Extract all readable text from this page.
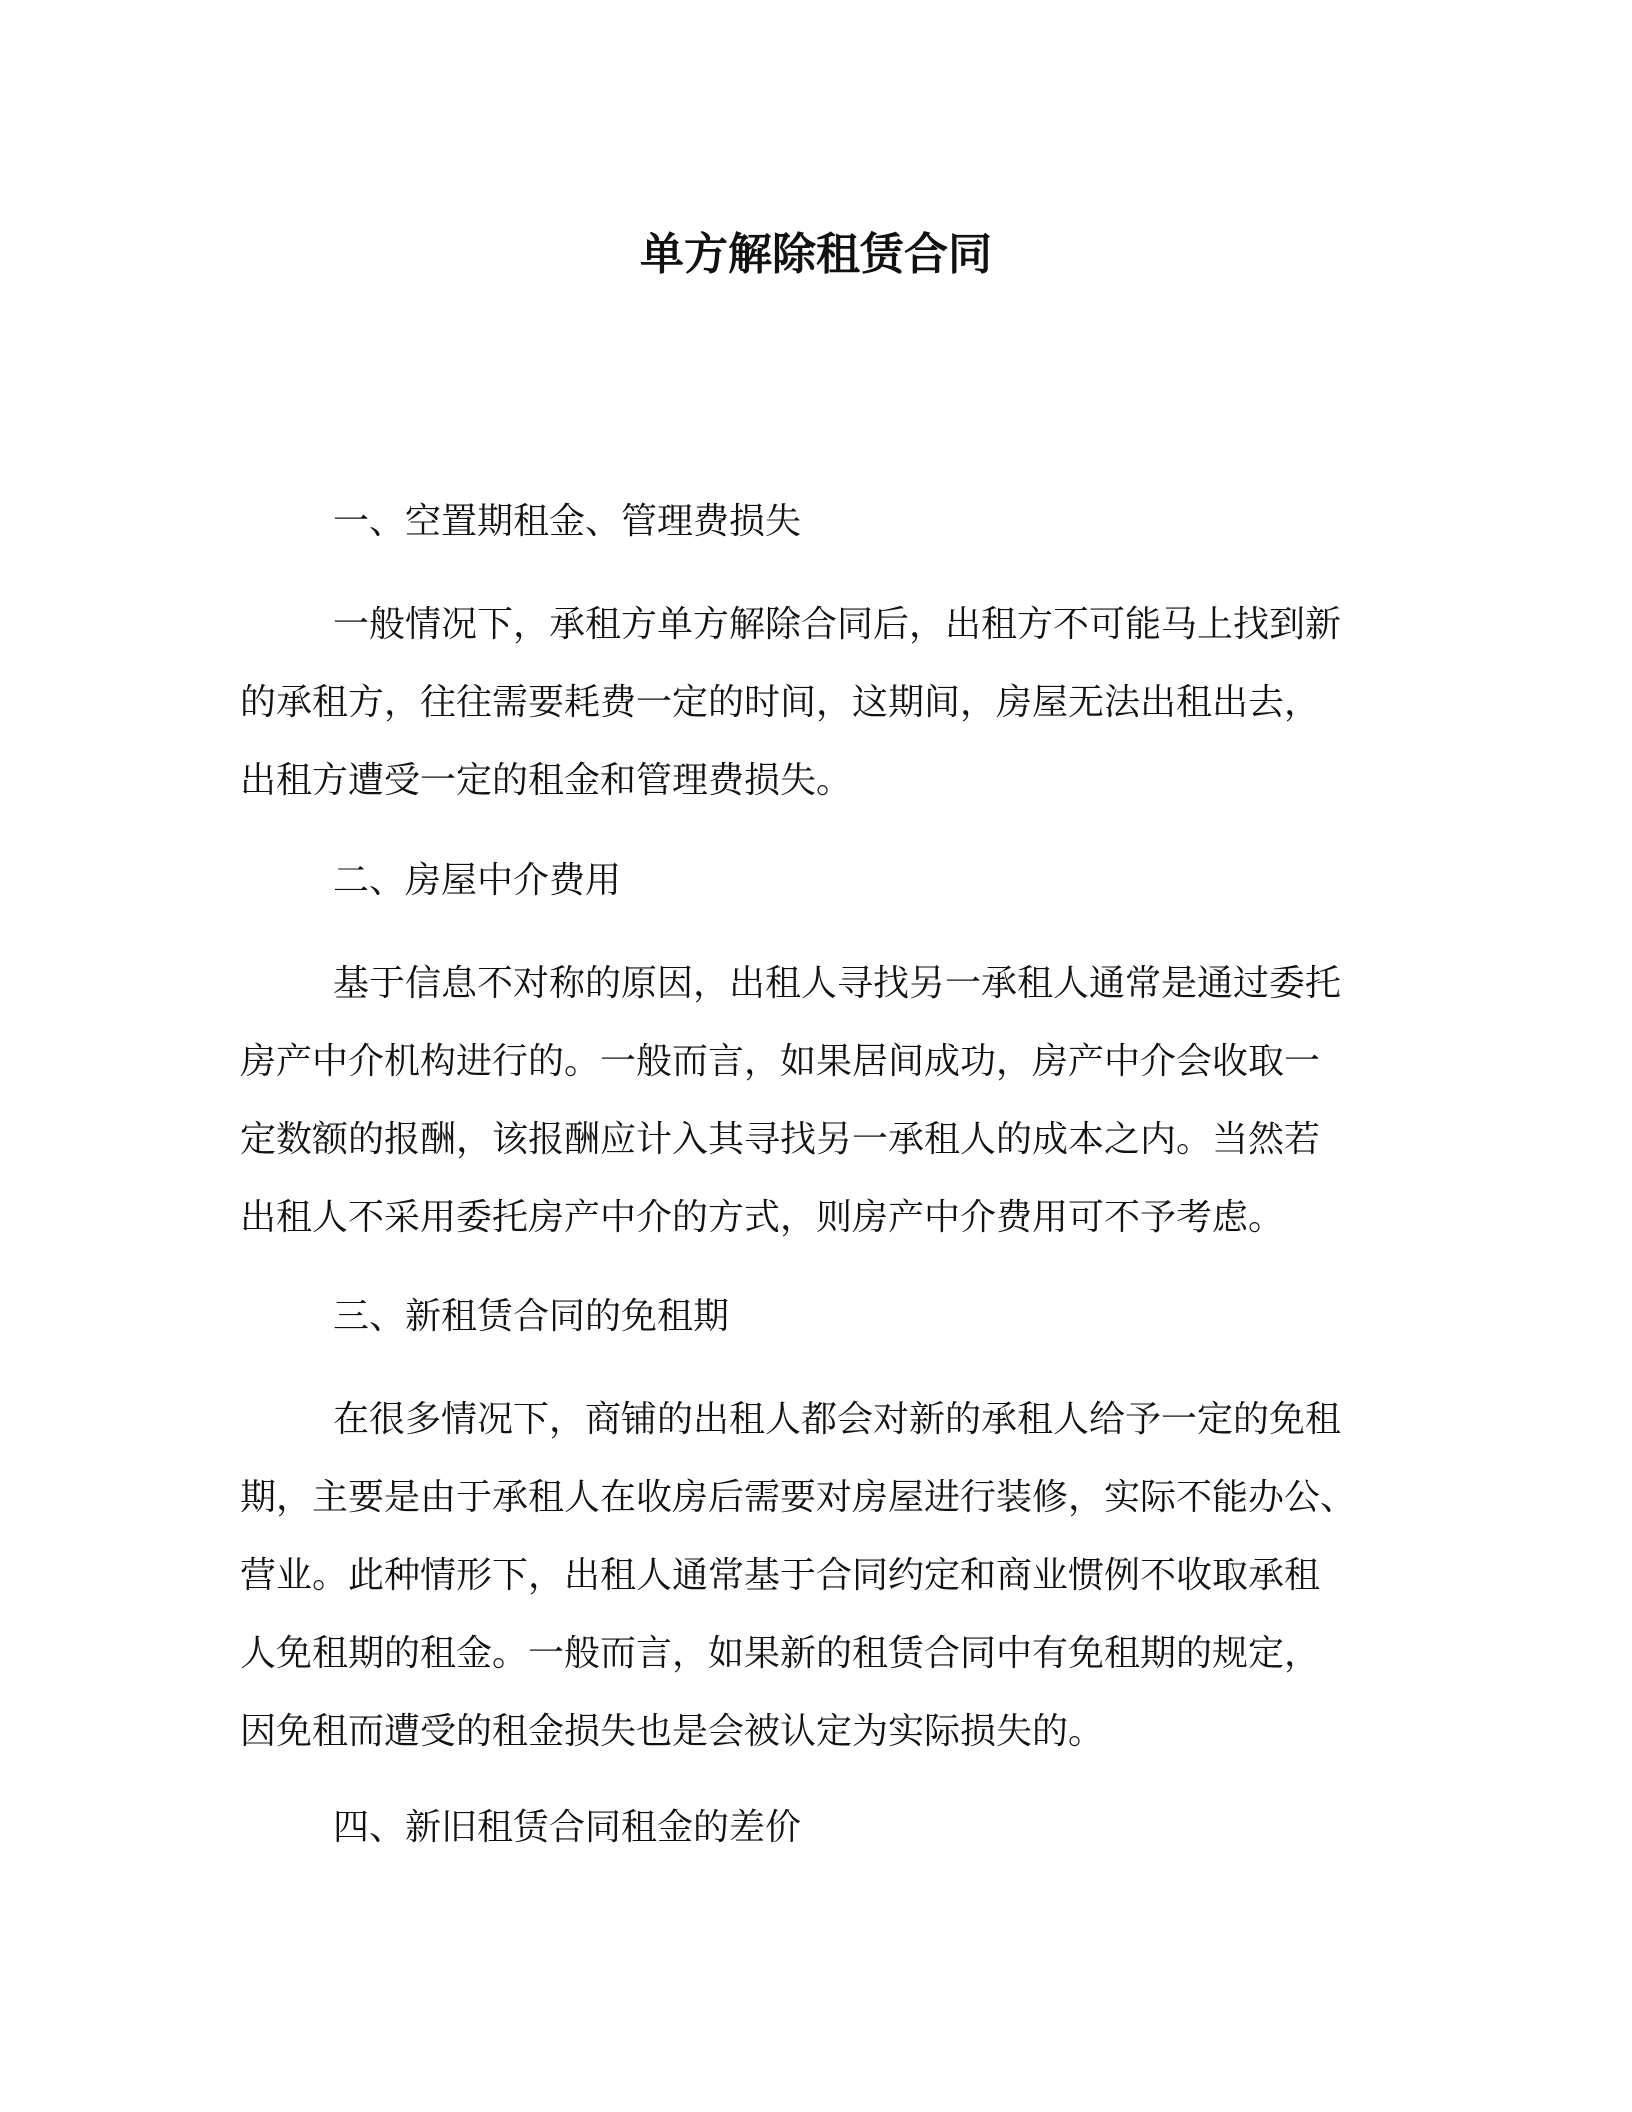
单方解除租赁合同
一、空置期租金、管理费损失
一般情况下，承租方单方解除合同后，出租方不可能马上找到新
的承租方，往往需要耗费一定的时间，这期间，房屋无法出租出去，
出租方遭受一定的租金和管理费损失。
二、房屋中介费用
基于信息不对称的原因，出租人寻找另一承租人通常是通过委托
房产中介机构进行的。一般而言，如果居间成功，房产中介会收取一
定数额的报酬，该报酬应计入其寻找另一承租人的成本之内。当然若
出租人不采用委托房产中介的方式，则房产中介费用可不予考虑。
三、新租赁合同的免租期
在很多情况下，商铺的出租人都会对新的承租人给予一定的免租
期，主要是由于承租人在收房后需要对房屋进行装修，实际不能办公、
营业。此种情形下，出租人通常基于合同约定和商业惯例不收取承租
人免租期的租金。一般而言，如果新的租赁合同中有免租期的规定，
因免租而遭受的租金损失也是会被认定为实际损失的。
四、新旧租赁合同租金的差价
